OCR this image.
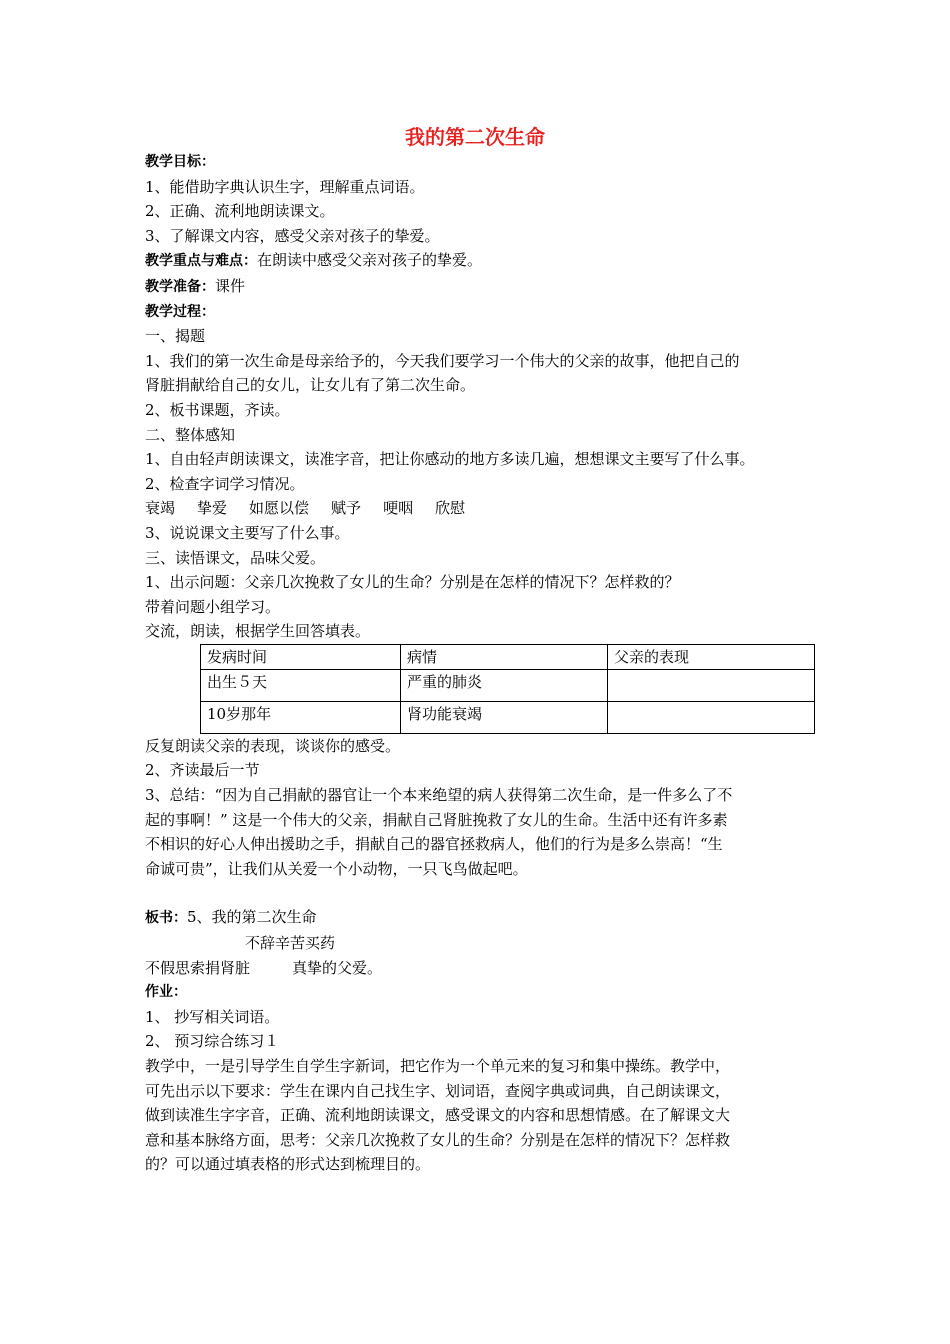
我的第二次生命

教学目标：

1、能借助字典认识生字，理解重点词语。

2、正确、流利地朗读课文。

3、了解课文内容，感受父亲对孩子的挚爱。

教学重点与难点：在朗读中感受父亲对孩子的挚爱。

教学准备：课件

教学过程：

一、揭题

1、我们的第一次生命是母亲给予的，今天我们要学习一个伟大的父亲的故事，他把自己的

肾脏捐献给自己的女儿，让女儿有了第二次生命。

2、板书课题，齐读。

二、整体感知

1、自由轻声朗读课文，读准字音，把让你感动的地方多读几遍，想想课文主要写了什么事。

2、检查字词学习情况。

衰竭 挚爱 如愿以偿 赋予 哽咽 欣慰

3、说说课文主要写了什么事。

三、读悟课文，品味父爱。

1、出示问题：父亲几次挽救了女儿的生命？分别是在怎样的情况下？怎样救的？

带着问题小组学习。

交流，朗读，根据学生回答填表。

发病时间	病情	父亲的表现
出生５天	严重的肺炎	
10岁那年	肾功能衰竭	

反复朗读父亲的表现，谈谈你的感受。

2、齐读最后一节

3、总结：“因为自己捐献的器官让一个本来绝望的病人获得第二次生命，是一件多么了不

起的事啊！” 这是一个伟大的父亲，捐献自己肾脏挽救了女儿的生命。生活中还有许多素

不相识的好心人伸出援助之手，捐献自己的器官拯救病人，他们的行为是多么崇高！“生

命诚可贵”，让我们从关爱一个小动物，一只飞鸟做起吧。

板书：5、我的第二次生命

不辞辛苦买药

不假思索捐肾脏	真挚的父爱。

作业：

1、 抄写相关词语。

2、 预习综合练习１

教学中，一是引导学生自学生字新词，把它作为一个单元来的复习和集中操练。教学中，

可先出示以下要求：学生在课内自己找生字、划词语，查阅字典或词典，自己朗读课文，

做到读准生字字音，正确、流利地朗读课文，感受课文的内容和思想情感。在了解课文大

意和基本脉络方面，思考：父亲几次挽救了女儿的生命？分别是在怎样的情况下？怎样救

的？可以通过填表格的形式达到梳理目的。
